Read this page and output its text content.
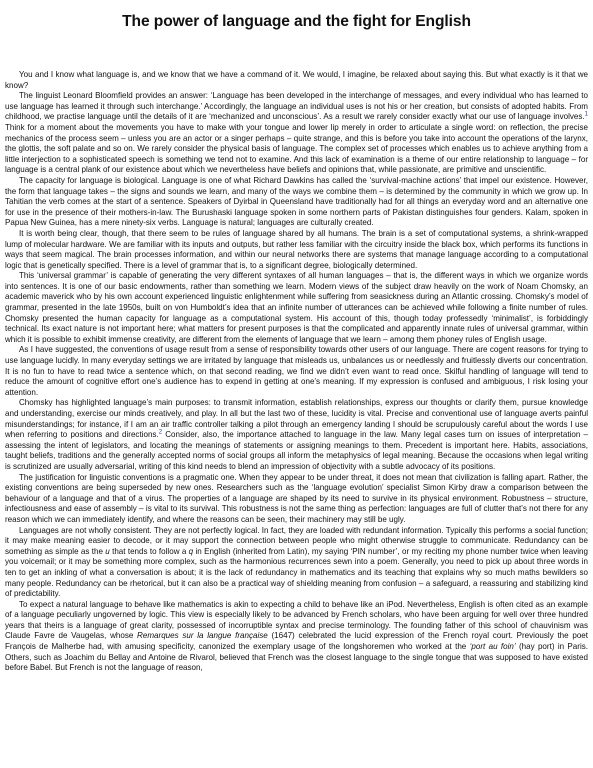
The power of language and the fight for English

You and I know what language is, and we know that we have a command of it. We would, I imagine, be relaxed about saying this. But what exactly is it that we know?

The linguist Leonard Bloomfield provides an answer: ‘Language has been developed in the interchange of messages, and every individual who has learned to use language has learned it through such interchange.’ Accordingly, the language an individual uses is not his or her creation, but consists of adopted habits. From childhood, we practise language until the details of it are ‘mechanized and unconscious’. As a result we rarely consider exactly what our use of language involves.$^1$ Think for a moment about the movements you have to make with your tongue and lower lip merely in order to articulate a single word: on reflection, the precise mechanics of the process seem – unless you are an actor or a singer perhaps – quite strange, and this is before you take into account the operations of the larynx, the glottis, the soft palate and so on. We rarely consider the physical basis of language. The complex set of processes which enables us to achieve anything from a little interjection to a sophisticated speech is something we tend not to examine. And this lack of examination is a theme of our entire relationship to language – for language is a central plank of our existence about which we nevertheless have beliefs and opinions that, while passionate, are primitive and unscientific.

The capacity for language is biological. Language is one of what Richard Dawkins has called the ‘survival-machine actions’ that impel our existence. However, the form that language takes – the signs and sounds we learn, and many of the ways we combine them – is determined by the community in which we grow up. In Tahitian the verb comes at the start of a sentence. Speakers of Dyirbal in Queensland have traditionally had for all things an everyday word and an alternative one for use in the presence of their mothers-in-law. The Burushaski language spoken in some northern parts of Pakistan distinguishes four genders. Kalam, spoken in Papua New Guinea, has a mere ninety-six verbs. Language is natural; languages are culturally created.

It is worth being clear, though, that there seem to be rules of language shared by all humans. The brain is a set of computational systems, a shrink-wrapped lump of molecular hardware. We are familiar with its inputs and outputs, but rather less familiar with the circuitry inside the black box, which performs its functions in ways that seem magical. The brain processes information, and within our neural networks there are systems that manage language according to a computational logic that is genetically specified. There is a level of grammar that is, to a significant degree, biologically determined.

This ‘universal grammar’ is capable of generating the very different syntaxes of all human languages – that is, the different ways in which we organize words into sentences. It is one of our basic endowments, rather than something we learn. Modern views of the subject draw heavily on the work of Noam Chomsky, an academic maverick who by his own account experienced linguistic enlightenment while suffering from seasickness during an Atlantic crossing. Chomsky’s model of grammar, presented in the late 1950s, built on von Humboldt’s idea that an infinite number of utterances can be achieved while following a finite number of rules. Chomsky presented the human capacity for language as a computational system. His account of this, though today professedly ‘minimalist’, is forbiddingly technical. Its exact nature is not important here; what matters for present purposes is that the complicated and apparently innate rules of universal grammar, within which it is possible to exhibit immense creativity, are different from the elements of language that we learn – among them phoney rules of English usage.

As I have suggested, the conventions of usage result from a sense of responsibility towards other users of our language. There are cogent reasons for trying to use language lucidly. In many everyday settings we are irritated by language that misleads us, unbalances us or needlessly and fruitlessly diverts our concentration. It is no fun to have to read twice a sentence which, on that second reading, we find we didn’t even want to read once. Skilful handling of language will tend to reduce the amount of cognitive effort one’s audience has to expend in getting at one’s meaning. If my expression is confused and ambiguous, I risk losing your attention.

Chomsky has highlighted language’s main purposes: to transmit information, establish relationships, express our thoughts or clarify them, pursue knowledge and understanding, exercise our minds creatively, and play. In all but the last two of these, lucidity is vital. Precise and conventional use of language averts painful misunderstandings; for instance, if I am an air traffic controller talking a pilot through an emergency landing I should be scrupulously careful about the words I use when referring to positions and directions.$^2$ Consider, also, the importance attached to language in the law. Many legal cases turn on issues of interpretation – assessing the intent of legislators, and locating the meanings of statements or assigning meanings to them. Precedent is important here. Habits, associations, taught beliefs, traditions and the generally accepted norms of social groups all inform the metaphysics of legal meaning. Because the occasions when legal writing is scrutinized are usually adversarial, writing of this kind needs to blend an impression of objectivity with a subtle advocacy of its positions.

The justification for linguistic conventions is a pragmatic one. When they appear to be under threat, it does not mean that civilization is falling apart. Rather, the existing conventions are being superseded by new ones. Researchers such as the ‘language evolution’ specialist Simon Kirby draw a comparison between the behaviour of a language and that of a virus. The properties of a language are shaped by its need to survive in its physical environment. Robustness – structure, infectiousness and ease of assembly – is vital to its survival. This robustness is not the same thing as perfection: languages are full of clutter that’s not there for any reason which we can immediately identify, and where the reasons can be seen, their machinery may still be ugly.

Languages are not wholly consistent. They are not perfectly logical. In fact, they are loaded with redundant information. Typically this performs a social function; it may make meaning easier to decode, or it may support the connection between people who might otherwise struggle to communicate. Redundancy can be something as simple as the u that tends to follow a q in English (inherited from Latin), my saying ‘PIN number’, or my reciting my phone number twice when leaving you voicemail; or it may be something more complex, such as the harmonious recurrences sewn into a poem. Generally, you need to pick up about three words in ten to get an inkling of what a conversation is about; it is the lack of redundancy in mathematics and its teaching that explains why so much maths bewilders so many people. Redundancy can be rhetorical, but it can also be a practical way of shielding meaning from confusion – a safeguard, a reassuring and stabilizing kind of predictability.

To expect a natural language to behave like mathematics is akin to expecting a child to behave like an iPod. Nevertheless, English is often cited as an example of a language peculiarly ungoverned by logic. This view is especially likely to be advanced by French scholars, who have been arguing for well over three hundred years that theirs is a language of great clarity, possessed of incorruptible syntax and precise terminology. The founding father of this school of chauvinism was Claude Favre de Vaugelas, whose Remarques sur la langue française (1647) celebrated the lucid expression of the French royal court. Previously the poet François de Malherbe had, with amusing specificity, canonized the exemplary usage of the longshoremen who worked at the ‘port au foin’ (hay port) in Paris. Others, such as Joachim du Bellay and Antoine de Rivarol, believed that French was the closest language to the single tongue that was supposed to have existed before Babel. But French is not the language of reason,
